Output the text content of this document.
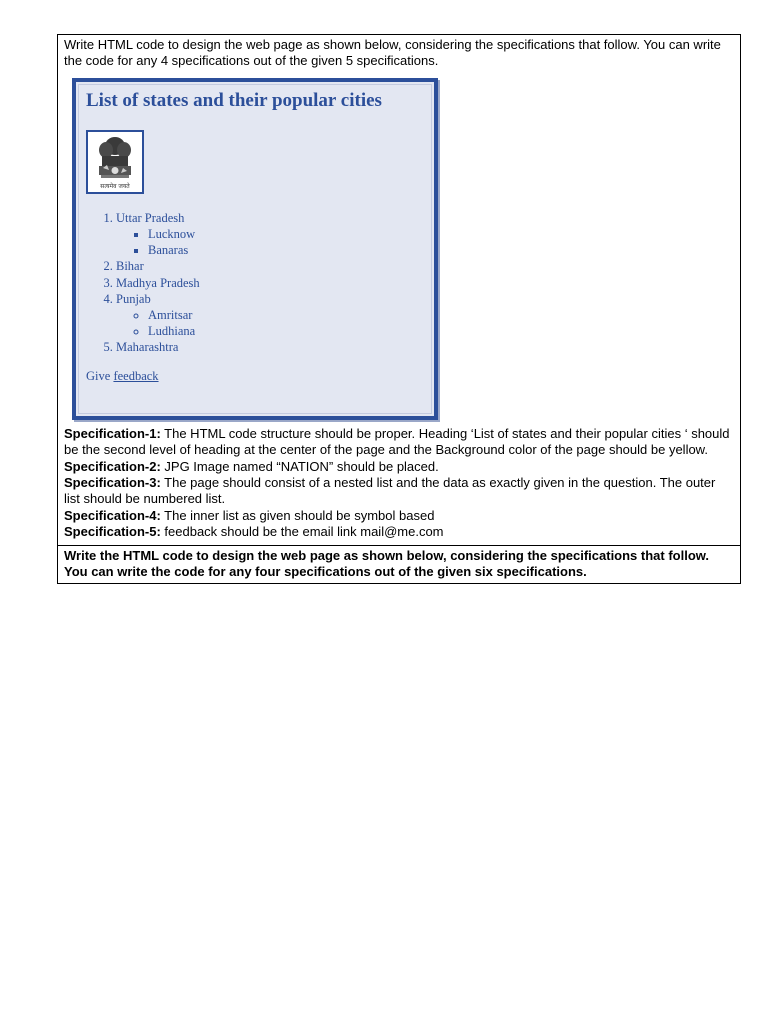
Write HTML code to design the web page as shown below, considering the specifications that follow. You can write the code for any 4 specifications out of the given 5 specifications.

List of states and their popular cities
सत्यमेव जयते
1. Uttar Pradesh
▪ Lucknow
▪ Banaras
2. Bihar
3. Madhya Pradesh
4. Punjab
◦ Amritsar
◦ Ludhiana
5. Maharashtra

Give feedback

Specification-1: The HTML code structure should be proper. Heading ‘List of states and their popular cities ‘ should be the second level of heading at the center of the page and the Background color of the page should be yellow.

Specification-2: JPG Image named “NATION” should be placed.

Specification-3: The page should consist of a nested list and the data as exactly given in the question. The outer list should be numbered list.

Specification-4: The inner list as given should be symbol based

Specification-5: feedback should be the email link mail@me.com

Write the HTML code to design the web page as shown below, considering the specifications that follow. You can write the code for any four specifications out of the given six specifications.
